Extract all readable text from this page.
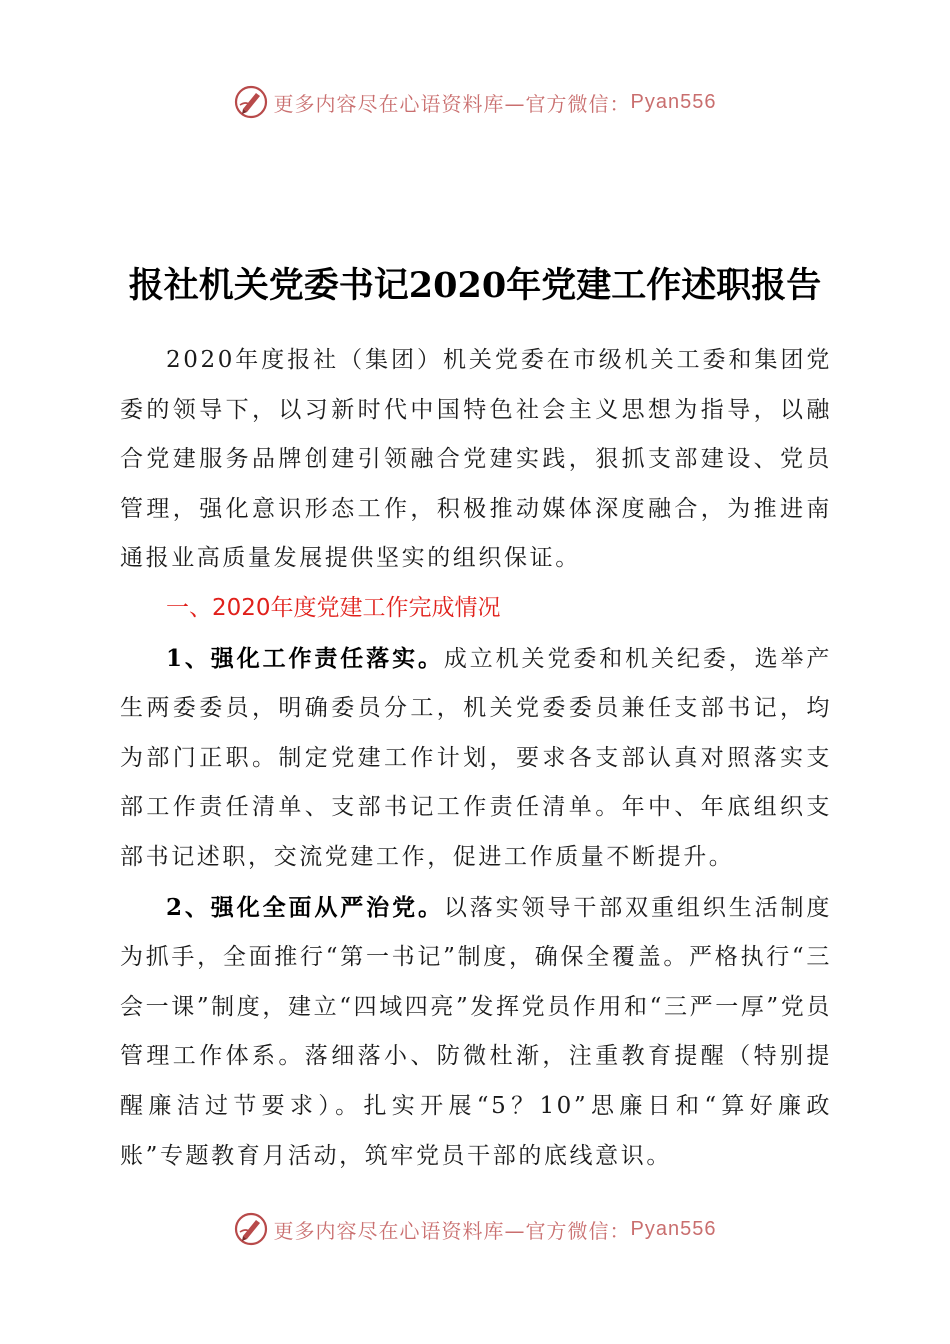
更多内容尽在心语资料库—官方微信： Pyan556
报社机关党委书记2020年党建工作述职报告

2020年度报社（集团）机关党委在市级机关工委和集团党委的领导下，以习新时代中国特色社会主义思想为指导，以融合党建服务品牌创建引领融合党建实践，狠抓支部建设、党员管理，强化意识形态工作，积极推动媒体深度融合，为推进南通报业高质量发展提供坚实的组织保证。

一、2020年度党建工作完成情况

1、强化工作责任落实。成立机关党委和机关纪委，选举产生两委委员，明确委员分工，机关党委委员兼任支部书记，均为部门正职。制定党建工作计划，要求各支部认真对照落实支部工作责任清单、支部书记工作责任清单。年中、年底组织支部书记述职，交流党建工作，促进工作质量不断提升。

2、强化全面从严治党。以落实领导干部双重组织生活制度为抓手，全面推行“第一书记”制度，确保全覆盖。严格执行“三会一课”制度，建立“四域四亮”发挥党员作用和“三严一厚”党员管理工作体系。落细落小、防微杜渐，注重教育提醒（特别提醒廉洁过节要求）。扎实开展“5？10”思廉日和“算好廉政账”专题教育月活动，筑牢党员干部的底线意识。

更多内容尽在心语资料库—官方微信： Pyan556
